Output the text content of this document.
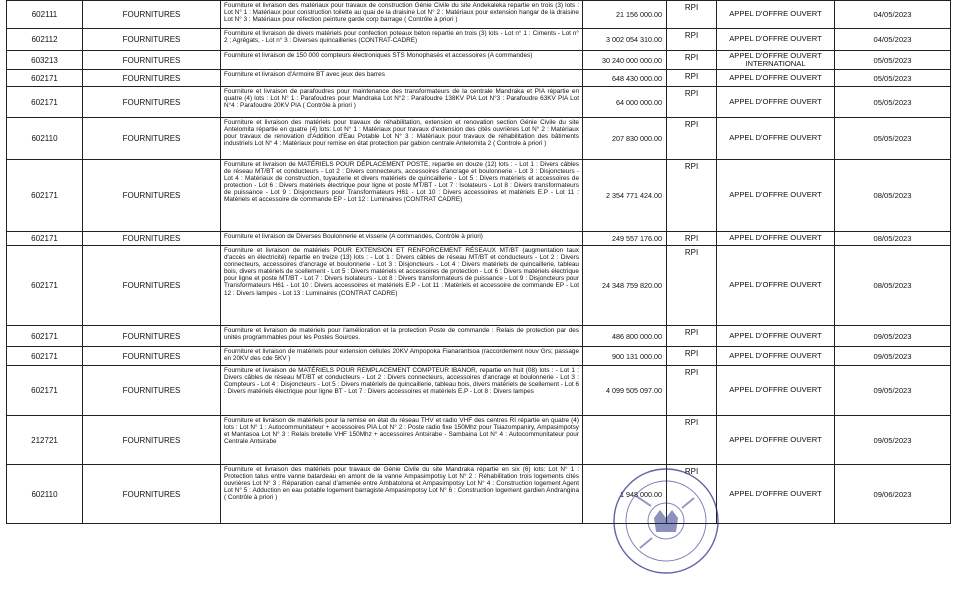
602111	FOURNITURES	Fourniture et livraison des matériaux pour travaux de construction Génie Civile du site Andekaleka repartie en trois (3) lots : Lot N° 1 : Matériaux pour construction toilette au quai de la draisine Lot N° 2 : Matériaux pour extension hangar de la draisine Lot N° 3 : Matériaux pour réfection peinture garde corp barrage ( Contrôle à priori )	21 156 000.00	RPI	APPEL D'OFFRE OUVERT	04/05/2023
602112	FOURNITURES	Fourniture et livraison de divers matériels pour confection poteaux béton repartie en trois (3) lots - Lot n° 1 : Ciments - Lot n° 2 ; Agrégats, - Lot n° 3 : Diverses quincailleries (CONTRAT-CADRE)	3 002 054 310.00	RPI	APPEL D'OFFRE OUVERT	04/05/2023
603213	FOURNITURES	Fourniture et livraison de 150 000 compteurs électroniques STS Monophasés et accessoires (A commandes)	30 240 000 000.00	RPI	APPEL D'OFFRE OUVERT INTERNATIONAL	05/05/2023
602171	FOURNITURES	Fourniture et livraison d'Armoire BT avec jeux des barres	648 430 000.00	RPI	APPEL D'OFFRE OUVERT	05/05/2023
602171	FOURNITURES	Fourniture et livraison de parafoudres pour maintenance des transformateurs de la centrale Mandraka et PIA répartie en quatre (4) lots : Lot N° 1 : Parafoudres pour Mandraka Lot N°2 : Parafoudre 138KV PIA Lot N°3 : Parafoudre 63KV PIA Lot N°4 : Parafoudre 20KV PIA ( Contrôle à priori )	64 000 000.00	RPI	APPEL D'OFFRE OUVERT	05/05/2023
602110	FOURNITURES	Fourniture et livraison des matériels pour travaux de réhabilitation, extension et renovation section Génie Civile du site Antelomita répartie en quatre (4) lots: Lot N° 1 : Matériaux pour travaux d'extension des cités ouvrières Lot N° 2 : Matériaux pour travaux de renovation d'Addition d'Eau Potable Lot N° 3 : Matériaux pour travaux de réhabilitation des bâtiments industriels Lot N° 4 : Matériaux pour remise en état protection par gabion centrale Antelomita 2 ( Controle à priori )	207 830 000.00	RPI	APPEL D'OFFRE OUVERT	05/05/2023
602171	FOURNITURES	Fourniture et livraison de MATÉRIELS POUR DÉPLACEMENT POSTE, repartie en douze (12) lots : - Lot 1 : Divers câbles de réseau MT/BT et conducteurs - Lot 2 : Divers connecteurs, accessoires d'ancrage et boulonnerie - Lot 3 : Disjoncteurs - Lot 4 : Matériaux de construction, tuyauterie et divers matériels de quincaillerie - Lot 5 : Divers matériels et accessoires de protection - Lot 6 : Divers matériels électrique pour ligne et poste MT/BT - Lot 7 : Isolateurs - Lot 8 : Divers transformateurs de puissance - Lot 9 : Disjoncteurs pour Transformateurs H61 - Lot 10 : Divers accessoires et matériels E.P - Lot 11 : Matériels et accessoire de commande EP - Lot 12 : Luminaires (CONTRAT CADRE)	2 354 771 424.00	RPI	APPEL D'OFFRE OUVERT	08/05/2023
602171	FOURNITURES	Fourniture et livraison de Diverses Boulonnerie et visserie (A commandes, Contrôle à priori)	249 557 176.00	RPI	APPEL D'OFFRE OUVERT	08/05/2023
602171	FOURNITURES	Fourniture et livraison de matériels POUR EXTENSION ET RENFORCEMENT RÉSEAUX MT/BT (augmentation taux d'accès en électricité) repartie en treize (13) lots : - Lot 1 : Divers câbles de réseau MT/BT et conducteurs - Lot 2 : Divers connecteurs, accessoires d'ancrage et boulonnerie - Lot 3 : Disjoncteurs - Lot 4 : Divers matériels de quincaillerie, tableau bois, divers matériels de scellement - Lot 5 : Divers matériels et accessoires de protection - Lot 6 : Divers matériels électrique pour ligne et poste MT/BT - Lot 7 : Divers Isolateurs - Lot 8 : Divers transformateurs de puissance - Lot 9 : Disjoncteurs pour Transformateurs H61 - Lot 10 : Divers accessoires et matériels E.P - Lot 11 : Matériels et accessoire de commande EP - Lot 12 : Divers lampes - Lot 13 : Luminaires (CONTRAT CADRE)	24 348 759 820.00	RPI	APPEL D'OFFRE OUVERT	08/05/2023
602171	FOURNITURES	Fourniture et livraison de matériels pour l'amélioration et la protection Poste de commande : Relais de protection par des unités programmables pour les Postes Sources.	486 800 000.00	RPI	APPEL D'OFFRE OUVERT	09/05/2023
602171	FOURNITURES	Fourniture et livraison de matériels pour extension cellules 20KV Ampopoka Fianarantsoa (raccordement nouv Grs; passage en 20KV des cde 5KV )	900 131 000.00	RPI	APPEL D'OFFRE OUVERT	09/05/2023
602171	FOURNITURES	Fourniture et livraison de MATÉRIELS POUR REMPLACEMENT COMPTEUR IBANOR, repartie en huit (08) lots : - Lot 1 : Divers câbles de réseau MT/BT et conducteurs - Lot 2 : Divers connecteurs, accessoires d'ancrage et boulonnerie - Lot 3 : Compteurs - Lot 4 : Disjoncteurs - Lot 5 : Divers matériels de quincaillerie, tableau bois, divers matériels de scellement - Lot 6 : Divers matériels électrique pour ligne BT - Lot 7 : Divers accessoires et matériels E.P - Lot 8 : Divers lampes	4 099 505 097.00	RPI	APPEL D'OFFRE OUVERT	09/05/2023
212721	FOURNITURES	Fourniture et livraison de matériels pour la remise en état du réseau THV et radio VHF des centres RI répartie en quatre (4) lots : Lot N° 1 : Autocommunitateur + accessoires PIA Lot N° 2 : Poste radio fixe 150Mhz pour Tsiazompaniry, Ampasimpotsy et Mantasoa Lot N° 3 : Relais bretelle VHF 150Mhz + accessoires Antsirabe - Sambaina Lot N° 4 : Autocommunitateur pour Centrale Antsirabe		RPI	APPEL D'OFFRE OUVERT	09/05/2023
602110	FOURNITURES	Fourniture et livraison des matériels pour travaux de Génie Civile du site Mandraka répartie en six (6) lots: Lot N° 1 : Protection talus entre vanne batardeau en amont de la vanne Ampasimpotsy Lot N° 2 : Réhabilitation trois logements cités ouvrières Lot N° 3 : Réparation canal d'amenée entre Ambatolona et Ampasimpotsy Lot N° 4 : Construction logement Agent Lot N° 5 : Adduction en eau potable logement barragiste Ampasimpotsy Lot N° 6 : Construction logement gardien Andrangina ( Contrôle à priori )	1 948 000.00	RPI	APPEL D'OFFRE OUVERT	09/06/2023
